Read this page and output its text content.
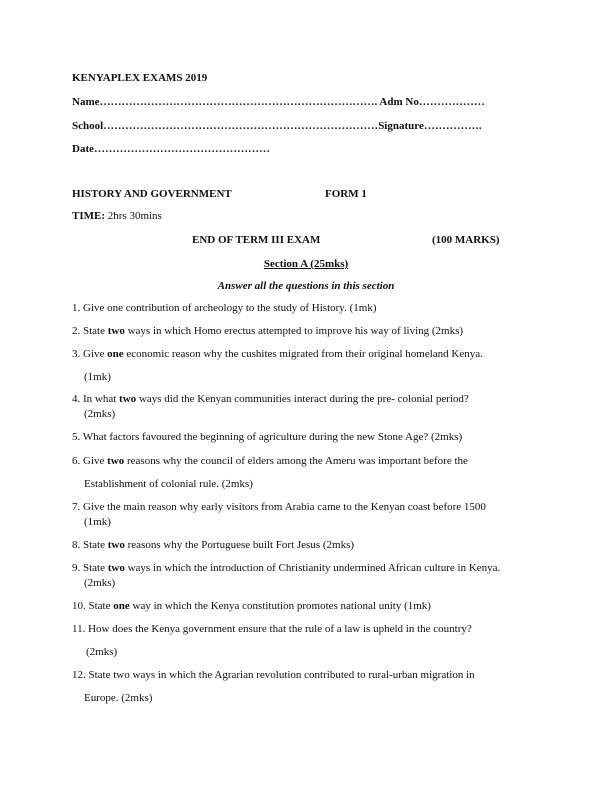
KENYAPLEX EXAMS 2019
Name…………………………………………………………………. Adm No………………
School…………………………………………………………………Signature…………….
Date…………………………………………
HISTORY AND GOVERNMENT	FORM 1
TIME: 2hrs 30mins
END OF TERM III EXAM	(100 MARKS)
Section A (25mks)
Answer all the questions in this section
1. Give one contribution of archeology to the study of History. (1mk)
2. State two ways in which Homo erectus attempted to improve his way of living (2mks)
3. Give one economic reason why the cushites migrated from their original homeland Kenya.
(1mk)
4. In what two ways did the Kenyan communities interact during the pre- colonial period?
(2mks)
5. What factors favoured the beginning of agriculture during the new Stone Age? (2mks)
6. Give two reasons why the council of elders among the Ameru was important before the
Establishment of colonial rule. (2mks)
7. Give the main reason why early visitors from Arabia came to the Kenyan coast before 1500
(1mk)
8. State two reasons why the Portuguese built Fort Jesus (2mks)
9. State two ways in which the introduction of Christianity undermined African culture in Kenya.
(2mks)
10. State one way in which the Kenya constitution promotes national unity (1mk)
11. How does the Kenya government ensure that the rule of a law is upheld in the country?
(2mks)
12. State two ways in which the Agrarian revolution contributed to rural-urban migration in
Europe. (2mks)
